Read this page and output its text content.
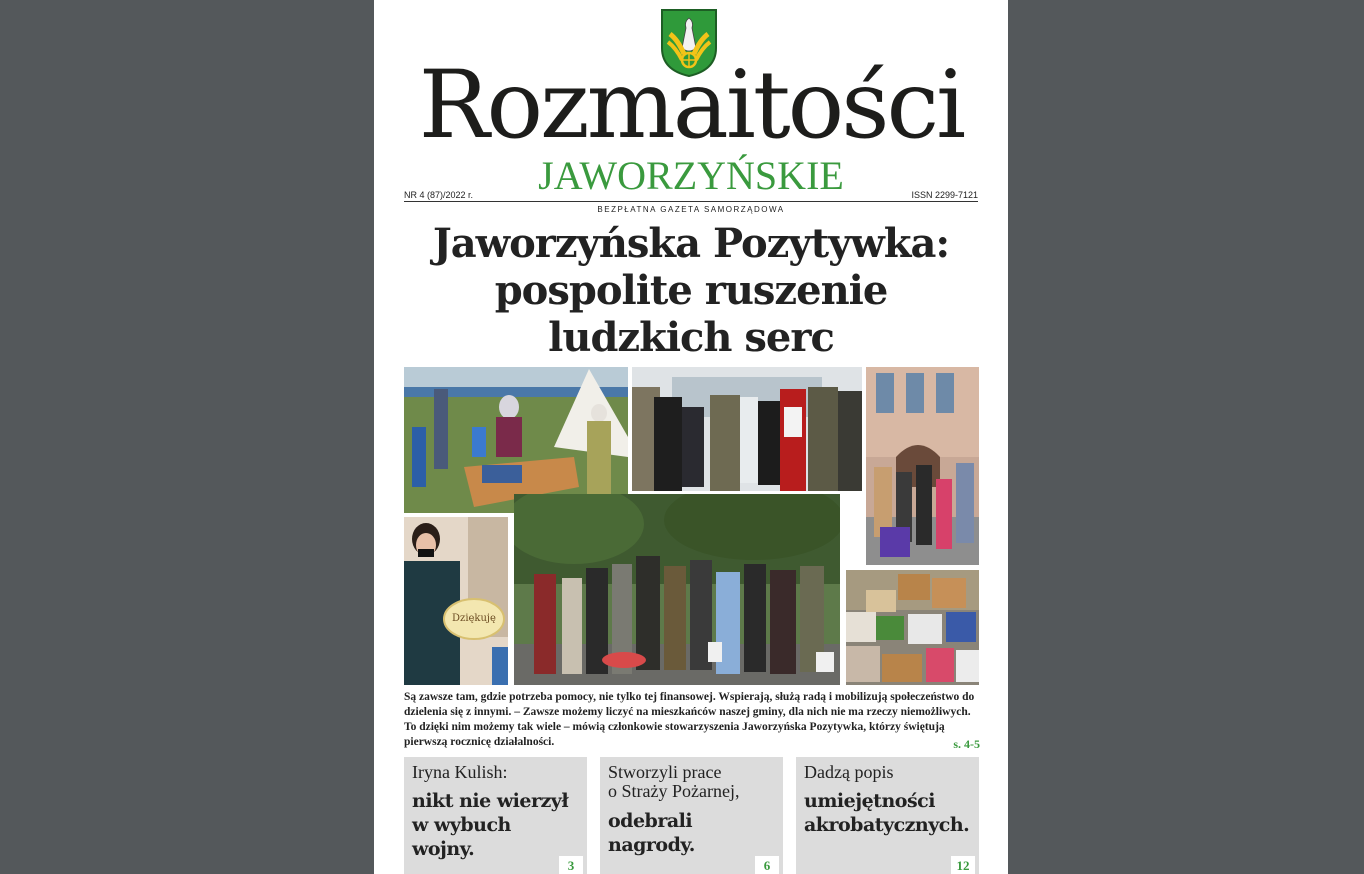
Rozmaitości
JAWORZYŃSKIE
NR 4 (87)/2022 r.	ISSN 2299-7121
BEZPŁATNA GAZETA SAMORZĄDOWA
Jaworzyńska Pozytywka:
pospolite ruszenie
ludzkich serc
Dziękuję
Są zawsze tam, gdzie potrzeba pomocy, nie tylko tej finansowej. Wspierają, służą radą i mobilizują społeczeństwo do dzielenia się z innymi. – Zawsze możemy liczyć na mieszkańców naszej gminy, dla nich nie ma rzeczy niemożliwych. To dzięki nim możemy tak wiele – mówią członkowie stowarzyszenia Jaworzyńska Pozytywka, którzy świętują pierwszą rocznicę działalności.	s. 4-5
Iryna Kulish:
nikt nie wierzył
w wybuch
wojny.
3
Stworzyli prace
o Straży Pożarnej,
odebrali
nagrody.
6
Dadzą popis
umiejętności
akrobatycznych.
12
